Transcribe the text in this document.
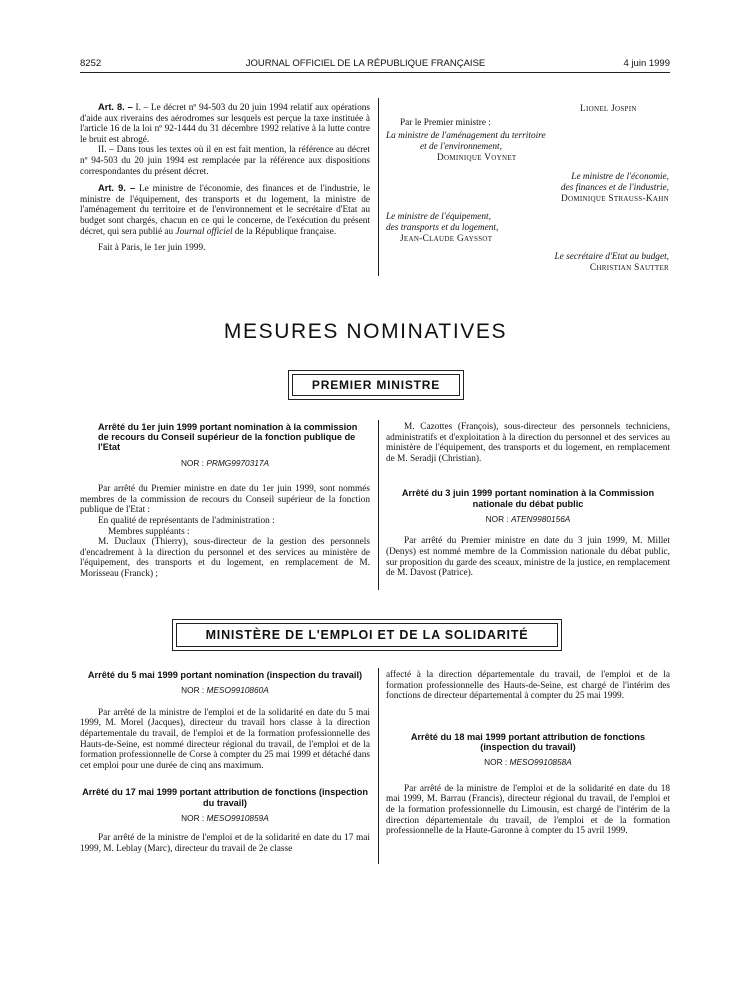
8252	JOURNAL OFFICIEL DE LA RÉPUBLIQUE FRANÇAISE	4 juin 1999

Art. 8. – I. – Le décret nº 94-503 du 20 juin 1994 relatif aux opérations d'aide aux riverains des aérodromes sur lesquels est perçue la taxe instituée à l'article 16 de la loi nº 92-1444 du 31 décembre 1992 relative à la lutte contre le bruit est abrogé.

II. – Dans tous les textes où il en est fait mention, la référence au décret nº 94-503 du 20 juin 1994 est remplacée par la référence aux dispositions correspondantes du présent décret.

Art. 9. – Le ministre de l'économie, des finances et de l'industrie, le ministre de l'équipement, des transports et du logement, la ministre de l'aménagement du territoire et de l'environnement et le secrétaire d'Etat au budget sont chargés, chacun en ce qui le concerne, de l'exécution du présent décret, qui sera publié au Journal officiel de la République française.

Fait à Paris, le 1er juin 1999.

Lionel Jospin
Par le Premier ministre :
La ministre de l'aménagement du territoire
et de l'environnement,
Dominique Voynet
Le ministre de l'économie,
des finances et de l'industrie,
Dominique Strauss-Kahn
Le ministre de l'équipement,
des transports et du logement,
Jean-Claude Gayssot
Le secrétaire d'Etat au budget,
Christian Sautter
MESURES NOMINATIVES
PREMIER MINISTRE
Arrêté du 1er juin 1999 portant nomination à la commission de recours du Conseil supérieur de la fonction publique de l'Etat
NOR : PRMG9970317A

Par arrêté du Premier ministre en date du 1er juin 1999, sont nommés membres de la commission de recours du Conseil supérieur de la fonction publique de l'Etat :

En qualité de représentants de l'administration :

Membres suppléants :

M. Duclaux (Thierry), sous-directeur de la gestion des personnels d'encadrement à la direction du personnel et des services au ministère de l'équipement, des transports et du logement, en remplacement de M. Morisseau (Franck) ;

M. Cazottes (François), sous-directeur des personnels techniciens, administratifs et d'exploitation à la direction du personnel et des services au ministère de l'équipement, des transports et du logement, en remplacement de M. Seradji (Christian).

Arrêté du 3 juin 1999 portant nomination à la Commission nationale du débat public
NOR : ATEN9980156A

Par arrêté du Premier ministre en date du 3 juin 1999, M. Millet (Denys) est nommé membre de la Commission nationale du débat public, sur proposition du garde des sceaux, ministre de la justice, en remplacement de M. Davost (Patrice).

MINISTÈRE DE L'EMPLOI ET DE LA SOLIDARITÉ
Arrêté du 5 mai 1999 portant nomination (inspection du travail)
NOR : MESO9910860A

Par arrêté de la ministre de l'emploi et de la solidarité en date du 5 mai 1999, M. Morel (Jacques), directeur du travail hors classe à la direction départementale du travail, de l'emploi et de la formation professionnelle des Hauts-de-Seine, est nommé directeur régional du travail, de l'emploi et de la formation professionnelle de Corse à compter du 25 mai 1999 et détaché dans cet emploi pour une durée de cinq ans maximum.

Arrêté du 17 mai 1999 portant attribution de fonctions (inspection du travail)
NOR : MESO9910859A

Par arrêté de la ministre de l'emploi et de la solidarité en date du 17 mai 1999, M. Leblay (Marc), directeur du travail de 2e classe

affecté à la direction départementale du travail, de l'emploi et de la formation professionnelle des Hauts-de-Seine, est chargé de l'intérim des fonctions de directeur départemental à compter du 25 mai 1999.

Arrêté du 18 mai 1999 portant attribution de fonctions (inspection du travail)
NOR : MESO9910858A

Par arrêté de la ministre de l'emploi et de la solidarité en date du 18 mai 1999, M. Barrau (Francis), directeur régional du travail, de l'emploi et de la formation professionnelle du Limousin, est chargé de l'intérim de la direction départementale du travail, de l'emploi et de la formation professionnelle de la Haute-Garonne à compter du 15 avril 1999.
